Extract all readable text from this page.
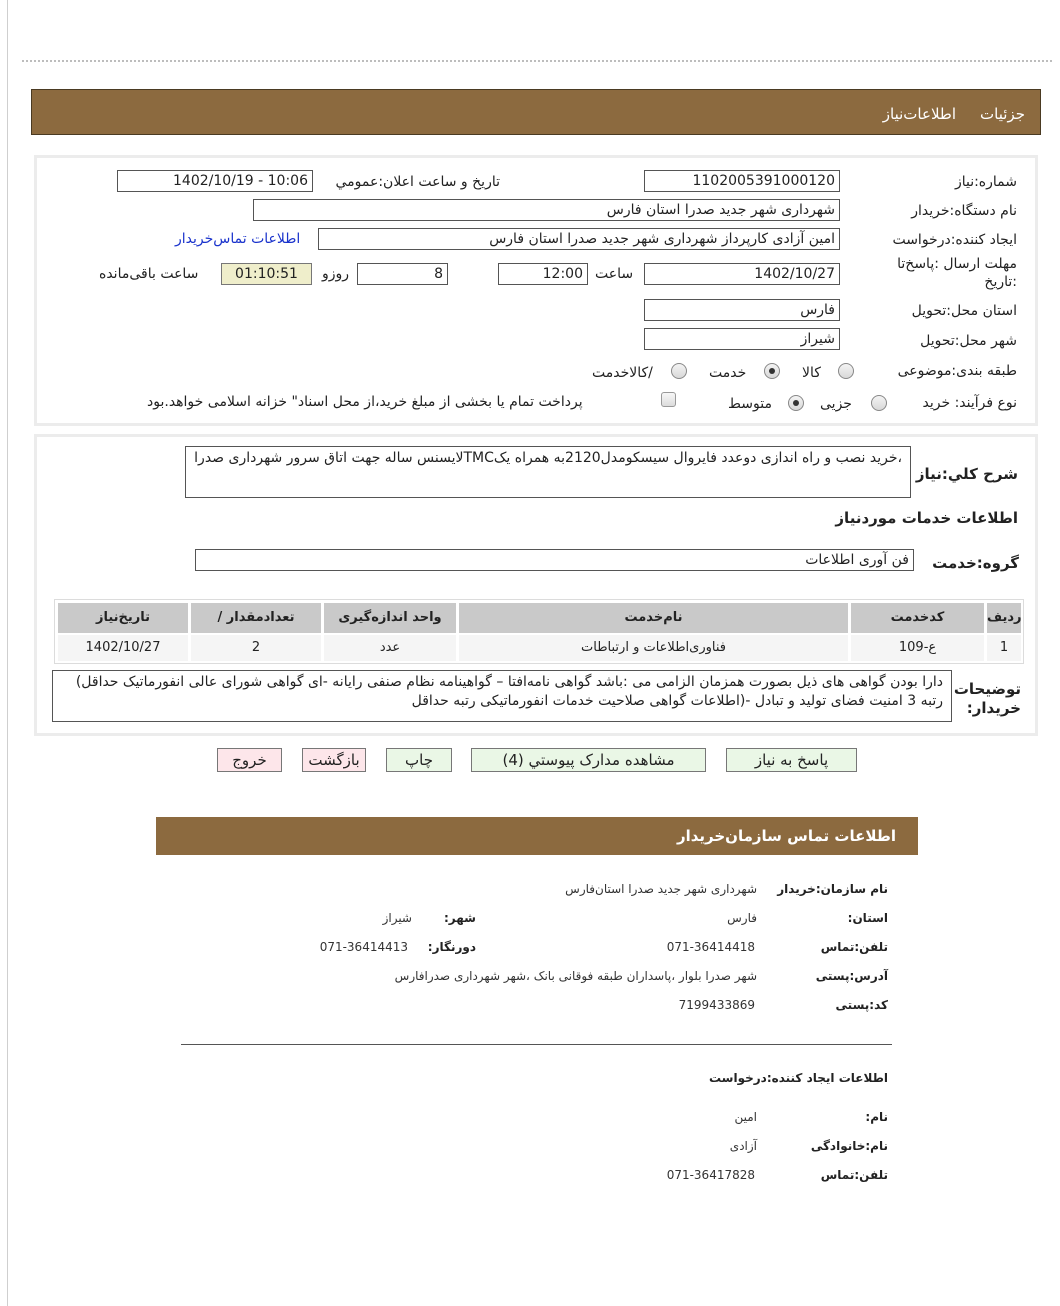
جزئیات
اطلاعات‌نیاز
شماره:نیاز
1102005391000120
تاریخ و ساعت اعلان:عمومي
1402/10/19 - 10:06
نام دستگاه:خریدار
شهرداری شهر جدید صدرا استان فارس
ایجاد کننده:درخواست
امین آزادی کارپرداز شهرداری شهر جدید صدرا استان فارس
اطلاعات تماس‌خریدار
مهلت ارسال :پاسخ‌تا
:تاریخ
1402/10/27
ساعت
12:00
8
روزو
01:10:51
ساعت باقی‌مانده
استان محل:تحویل
فارس
شهر محل:تحویل
شیراز
طبقه بندی:موضوعی
کالا
خدمت
/کالاخدمت
نوع فرآیند: خرید
جزیی
متوسط
پرداخت تمام یا بخشی از مبلغ خرید،از محل اسناد" خزانه اسلامی خواهد.بود
شرح کلي:نیاز
،خرید نصب و راه اندازی دوعدد فایروال سیسکومدل2120به همراه یکTMCلایسنس ساله جهت اتاق سرور شهرداری صدرا
اطلاعات خدمات موردنیاز
گروه:خدمت
فن آوری اطلاعات
ردیف
کدخدمت
نام‌خدمت
واحد اندازه‌گیری
/ تعدادمقدار
تاریخ‌نیاز
1
ع-109
فناوری‌اطلاعات و ارتباطات
عدد
2
1402/10/27
توضیحات خریدار:
دارا بودن گواهی های ذیل بصورت همزمان الزامی می :باشد گواهی نامه‌افتا – گواهینامه نظام صنفی رایانه -ای گواهی شورای عالی انفورماتیک حداقل) رتبه 3 امنیت فضای تولید و تبادل -(اطلاعات گواهی صلاحیت خدمات انفورماتیکی رتبه حداقل
پاسخ به نیاز
مشاهده مدارک پیوستي (4)
چاپ
بازگشت
خروج
اطلاعات تماس سازمان‌خریدار
نام سازمان:خریدار
شهرداری شهر جدید صدرا استان‌فارس
استان:
فارس
شهر:
شیراز
تلفن:تماس
071-36414418
دورنگار:
071-36414413
آدرس:پستی
شهر صدرا بلوار ،پاسداران طبقه فوقانی بانک ،شهر شهرداری صدرافارس
کد:پستی
7199433869
اطلاعات ایجاد کننده:درخواست
نام:
امین
نام:خانوادگی
آزادی
تلفن:تماس
071-36417828
